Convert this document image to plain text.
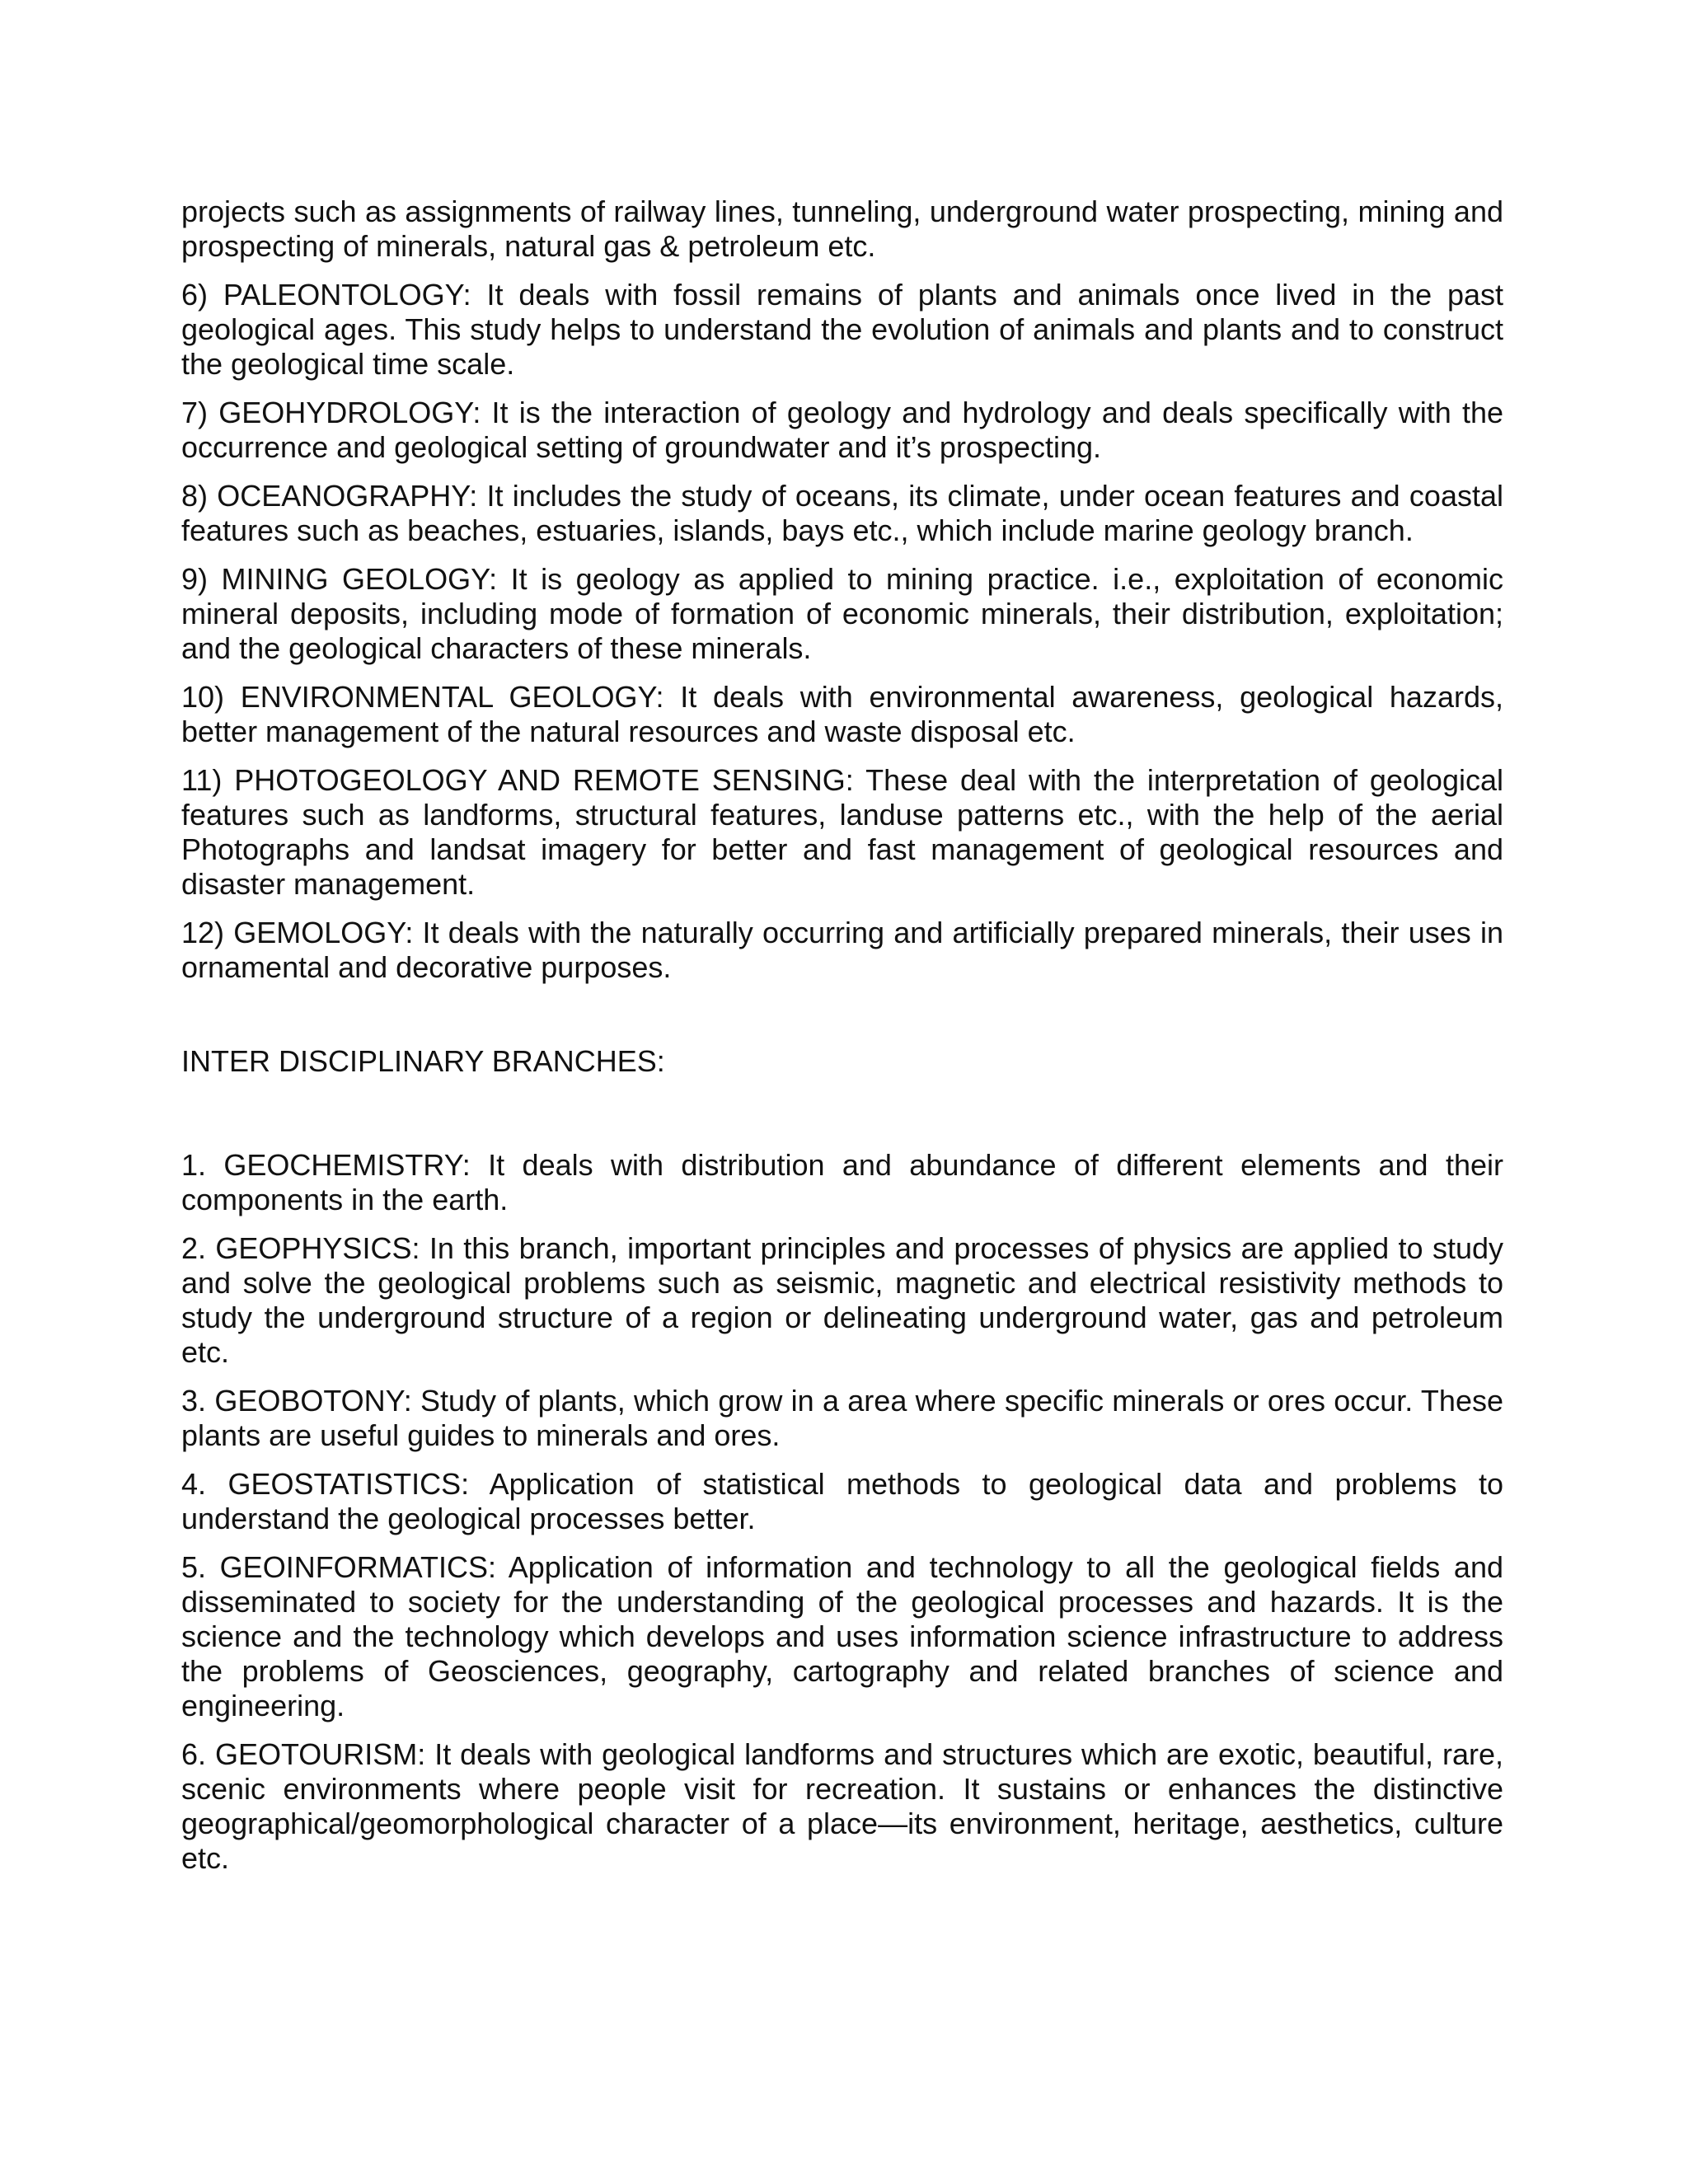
projects such as assignments of railway lines, tunneling, underground water prospecting, mining and prospecting of minerals, natural gas & petroleum etc.

6) PALEONTOLOGY: It deals with fossil remains of plants and animals once lived in the past geological ages. This study helps to understand the evolution of animals and plants and to construct the geological time scale.

7) GEOHYDROLOGY: It is the interaction of geology and hydrology and deals specifically with the occurrence and geological setting of groundwater and it’s prospecting.

8) OCEANOGRAPHY: It includes the study of oceans, its climate, under ocean features and coastal features such as beaches, estuaries, islands, bays etc., which include marine geology branch.

9) MINING GEOLOGY: It is geology as applied to mining practice. i.e., exploitation of economic mineral deposits, including mode of formation of economic minerals, their distribution, exploitation; and the geological characters of these minerals.

10) ENVIRONMENTAL GEOLOGY: It deals with environmental awareness, geological hazards, better management of the natural resources and waste disposal etc.

11) PHOTOGEOLOGY AND REMOTE SENSING: These deal with the interpretation of geological features such as landforms, structural features, landuse patterns etc., with the help of the aerial Photographs and landsat imagery for better and fast management of geological resources and disaster management.

12) GEMOLOGY: It deals with the naturally occurring and artificially prepared minerals, their uses in ornamental and decorative purposes.

INTER DISCIPLINARY BRANCHES:

1. GEOCHEMISTRY: It deals with distribution and abundance of different elements and their components in the earth.

2. GEOPHYSICS: In this branch, important principles and processes of physics are applied to study and solve the geological problems such as seismic, magnetic and electrical resistivity methods to study the underground structure of a region or delineating underground water, gas and petroleum etc.

3. GEOBOTONY: Study of plants, which grow in a area where specific minerals or ores occur. These plants are useful guides to minerals and ores.

4. GEOSTATISTICS: Application of statistical methods to geological data and problems to understand the geological processes better.

5. GEOINFORMATICS: Application of information and technology to all the geological fields and disseminated to society for the understanding of the geological processes and hazards. It is the science and the technology which develops and uses information science infrastructure to address the problems of Geosciences, geography, cartography and related branches of science and engineering.

6. GEOTOURISM: It deals with geological landforms and structures which are exotic, beautiful, rare, scenic environments where people visit for recreation. It sustains or enhances the distinctive geographical/geomorphological character of a place—its environment, heritage, aesthetics, culture etc.
